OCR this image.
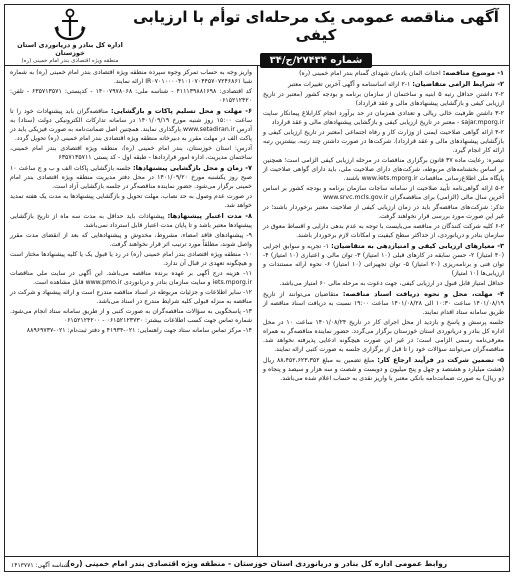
آگهی مناقصه عمومی یک مرحله‌ای توأم با ارزیابی کیفی
شماره ۲۷۴۳۴/ج/۳۴
اداره کل بنادر و دریانوردی استان خوزستان
منطقه ویژه اقتصادی بندر امام خمینی (ره)
۱- موضوع مناقصه: احداث المان یادمان شهدای گمنام بندر امام خمینی (ره)
۲- شرایط الزامی متقاضیان: ۱-۲ ارائه اساسنامه و آگهی آخرین تغییرات معتبر
۲-۲ داشتن حداقل رتبه ۵ ابنیه و ساختمان از سازمان برنامه و بودجه کشور (معتبر در تاریخ ارزیابی کیفی و بازگشایی پیشنهادهای مالی و عقد قرارداد)
۳-۲ داشتن ظرفیت خالی ریالی و تعدادی همزمان در حد برآورد انجام کارابلاغ پیمانکار سایت sajar.mporg.ir - معتبر در تاریخ ارزیابی کیفی و بازگشایی پیشنهادهای مالی و عقد قرارداد
۴-۲ ارائه گواهی صلاحیت ایمنی از وزارت کار و رفاه اجتماعی (معتبر در تاریخ ارزیابی کیفی و بازگشایی پیشنهادهای مالی و عقد قرارداد). شرکت‌ها در صورت داشتن چند رتبه، بیشترین رتبه ارائه کار انجام گیرد.
تبصره: رعایت ماده ۳۷ قانون برگزاری مناقصات در مرحله ارزیابی کیفی الزامی است؛ همچنین بر اساس بخشنامه‌های مربوطه، شرکت‌های دارای صلاحیت ملی، باید دارای گواهی صلاحیت از پایگاه ملی اطلاع‌رسانی مناقصات www.iets.mporg.ir باشند.
۵-۲ ارائه گواهی‌نامه تأیید صلاحیت از سامانه ساجات سازمان برنامه و بودجه کشور بر اساس آخرین سال مالی (الزامی) برای مناقصه‌گران www.srvc.mcls.gov.ir
تذکر: شرکت‌های مناقصه‌گر باید در زمان ارزیابی کیفی از صلاحیت معتبر برخوردار باشند؛ در غیر این صورت مورد بررسی قرار نخواهند گرفت.
۶-۲ کلیه شرکت کنندگان در مناقصه می‌بایست با توجه به عدم بدهی دارایی و اقساط معوق در سازمان بنادر و دریانوردی، از حداکثر سطح کیفیت و امکانات لازم برخوردار باشند.
۳- معیارهای ارزیابی کیفی و امتیازدهی به متقاضیان: ۱- تجربه و سوابق اجرایی (۴۰ امتیاز) ۲- حسن سابقه در کارهای قبلی (۱۰ امتیاز) ۳- توان مالی و اعتباری (۱۰ امتیاز) ۴- توان فنی و برنامه‌ریزی (۲۰ امتیاز) ۵- توان تجهیزاتی (۱۰ امتیاز) ۶- نحوه ارائه مستندات و ارزیابی‌ها (۱۰ امتیاز)
حداقل امتیاز قابل قبول در ارزیابی کیفی، جهت دعوت به مرحله مالی ۶۰ امتیاز می‌باشد.
۴- مهلت، محل و نحوه دریافت اسناد مناقصه: متقاضیان می‌توانند از تاریخ ۱۴۰۱/۰۸/۱۹ ساعت ۱۰:۳۰ الی ۱۴۰۱/۰۸/۲۸ ساعت ۱۹:۰۰ نسبت به دریافت اسناد مناقصه از طریق سامانه ستاد اقدام نمایند.
جلسه پرسش و پاسخ و بازدید از محل اجرای کار در تاریخ ۱۴۰۱/۰۸/۲۴ ساعت ۱۰ در محل اداره کل بنادر و دریانوردی استان خوزستان برگزار می‌گردد. حضور نماینده مناقصه‌گر به همراه معرفی‌نامه رسمی الزامی است؛ در غیر این صورت هیچگونه ادعایی پذیرفته نخواهد شد. مناقصه‌گران می‌توانند سؤالات خود را تا قبل از برگزاری جلسه به صورت کتبی ارائه نمایند.
۵- تضمین شرکت در فرآیند ارجاع کار: مبلغ تضمین به مبلغ ۸۸،۴۵۲،۶۲۳،۳۵۲ ریال (هشت میلیارد و هشتصد و چهل و پنج میلیون و دویست و شصت و سه هزار و سیصد و پنجاه و دو ریال) به صورت ضمانت‌نامه بانکی معتبر یا واریز نقدی به حساب اعلام شده می‌باشد.
واریز وجه به حساب تمرکز وجوه سپرده منطقه ویژه اقتصادی بندر امام خمینی (ره) به شماره شبا IR۰۷۰۱۰۰۰۰۴۱۰۱۰۷۰۴۴۵۷۰۷۲۴۶۸۶۱ ارائه نمایند.
کد اقتصادی: ۴۱۱۱۳۹۸۸۱۶۹۸ - شناسه ملی: ۱۴۰۰۷۹۷۸۰۶۸ - کدپستی: ۶۳۵۷۱۳۵۷۱ - تلفن: ۰۶۱۵۲۱۲۴۲۰
۶- مهلت و محل تسلیم پاکات و بازگشایی: مناقصه‌گران باید پیشنهادات خود را تا ساعت ۱۵:۰۰ روز شنبه مورخ ۱۴۰۱/۰۹/۱۹ در سامانه تدارکات الکترونیکی دولت (ستاد) به آدرس www.setadiran.ir بارگذاری نمایند. همچنین اصل ضمانت‌نامه به صورت فیزیکی باید در پاکت الف در مهلت مقرر به دبیرخانه منطقه ویژه اقتصادی بندر امام خمینی (ره) تحویل گردد.
آدرس: استان خوزستان، بندر امام خمینی (ره)، منطقه ویژه اقتصادی بندر امام خمینی، ساختمان مدیریت، اداره امور قراردادها - طبقه اول - کد پستی ۶۳۵۷۱۳۵۷۱۱
۷- زمان و محل بازگشایی پیشنهادها: جلسه بازگشایی پاکات الف و ب و ج ساعت ۱۰ صبح روز یکشنبه مورخ ۱۴۰۱/۰۹/۲۰ در محل دفتر مدیریت منطقه ویژه اقتصادی بندر امام خمینی برگزار می‌شود. حضور نماینده مناقصه‌گر در جلسه بازگشایی آزاد است.
در صورت عدم وصول به حد نصاب، مهلت تحویل و بازگشایی پیشنهادها به مدت یک هفته تمدید خواهد شد.
۸- مدت اعتبار پیشنهادها: پیشنهادات باید حداقل به مدت سه ماه از تاریخ بازگشایی پیشنهادها معتبر باشد و تا پایان مدت اعتبار قابل استرداد نمی‌باشد.
۹- پیشنهادهای فاقد امضاء، مشروط، مخدوش و پیشنهادهایی که بعد از انقضای مدت مقرر واصل شوند، مطلقاً مورد ترتیب اثر قرار نخواهند گرفت.
۱۰- منطقه ویژه اقتصادی بندر امام خمینی (ره) در رد یا قبول یک یا کلیه پیشنهادها مختار است و هیچگونه تعهدی در قبال آن ندارد.
۱۱- هزینه درج آگهی بر عهده برنده مناقصه می‌باشد. این آگهی در سایت ملی مناقصات iets.mporg.ir و سایت سازمان بنادر و دریانوردی www.pmo.ir قابل مشاهده است.
۱۲- سایر اطلاعات و جزئیات مربوطه در اسناد مناقصه مندرج است و ارائه پیشنهاد و شرکت در مناقصه به منزله قبولی کلیه شرایط مندرج در اسناد می‌باشد.
۱۳- پاسخگویی به سؤالات مناقصه‌گران به صورت کتبی و از طریق سامانه ستاد انجام می‌شود. شماره تماس جهت کسب اطلاعات بیشتر: ۰۶۱۵۲۱۲۳۷۳۰ - ۰۶۱۵۲۱۲۴۲۰۰
۱۴- مرکز تماس سامانه ستاد جهت راهنمایی: ۰۲۱-۴۱۹۳۴ و دفتر ثبت‌نام: ۰۲۱-۸۸۹۶۹۷۳۷
روابط عمومی اداره کل بنادر و دریانوردی استان خوزستان - منطقه ویژه اقتصادی بندر امام خمینی (ره)
شناسه آگهی: ۱۴۱۳۷۷۱
